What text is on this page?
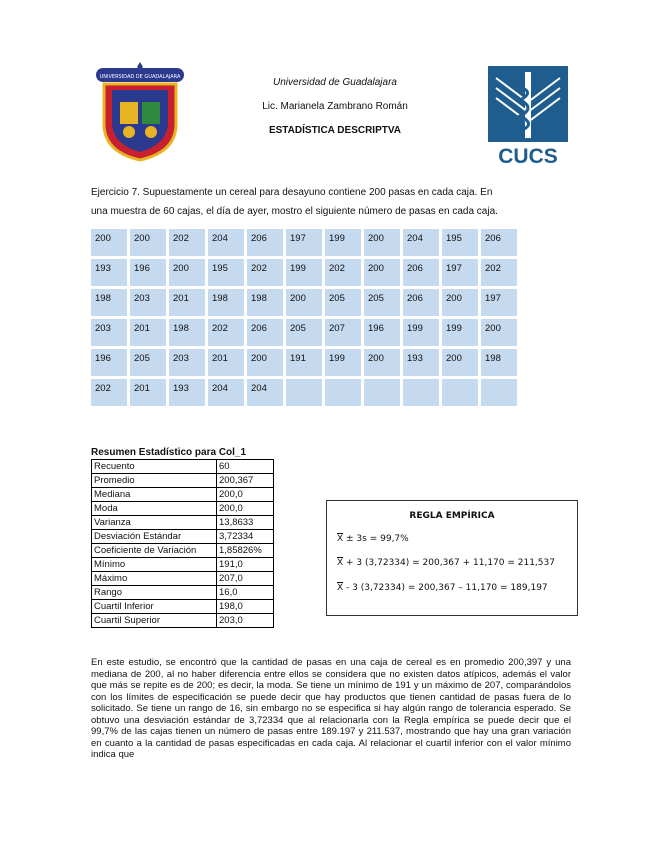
UNIVERSIDAD DE GUADALAJARA	Universidad de Guadalajara
Lic. Marianela Zambrano Román
ESTADÍSTICA DESCRIPTVA
CUCS
Ejercicio 7. Supuestamente un cereal para desayuno contiene 200 pasas en cada caja. En
una muestra de 60 cajas, el día de ayer, mostro el siguiente número de pasas en cada caja.
200	200	202	204	206	197	199	200	204	195	206
193	196	200	195	202	199	202	200	206	197	202
198	203	201	198	198	200	205	205	206	200	197
203	201	198	202	206	205	207	196	199	199	200
196	205	203	201	200	191	199	200	193	200	198
202	201	193	204	204						
Resumen Estadístico para Col_1
Recuento	60
Promedio	200,367
Mediana	200,0
Moda	200,0
Varianza	13,8633
Desviación Estándar	3,72334
Coeficiente de Variación	1,85826%
Mínimo	191,0
Máximo	207,0
Rango	16,0
Cuartil Inferior	198,0
Cuartil Superior	203,0
REGLA EMPÍRICA
$\overline{X} \pm 3s = 99,7\%$
$\overline{X} + 3$ (3,72334) = 200,367 + 11,170 = 211,537
$\overline{X} - 3$ (3,72334) = 200,367 – 11,170 = 189,197
En este estudio, se encontró que la cantidad de pasas en una caja de cereal es en promedio 200,397 y una mediana de 200, al no haber diferencia entre ellos se considera que no existen datos atípicos, además el valor que más se repite es de 200; es decir, la moda. Se tiene un mínimo de 191 y un máximo de 207, comparándolos con los límites de especificación se puede decir que hay productos que tienen cantidad de pasas fuera de lo solicitado. Se tiene un rango de 16, sin embargo no se especifica si hay algún rango de tolerancia esperado. Se obtuvo una desviación estándar de 3,72334 que al relacionarla con la Regla empírica se puede decir que el 99,7% de las cajas tienen un número de pasas entre 189.197 y 211.537, mostrando que hay una gran variación en cuanto a la cantidad de pasas especificadas en cada caja. Al relacionar el cuartil inferior con el valor mínimo indica que
